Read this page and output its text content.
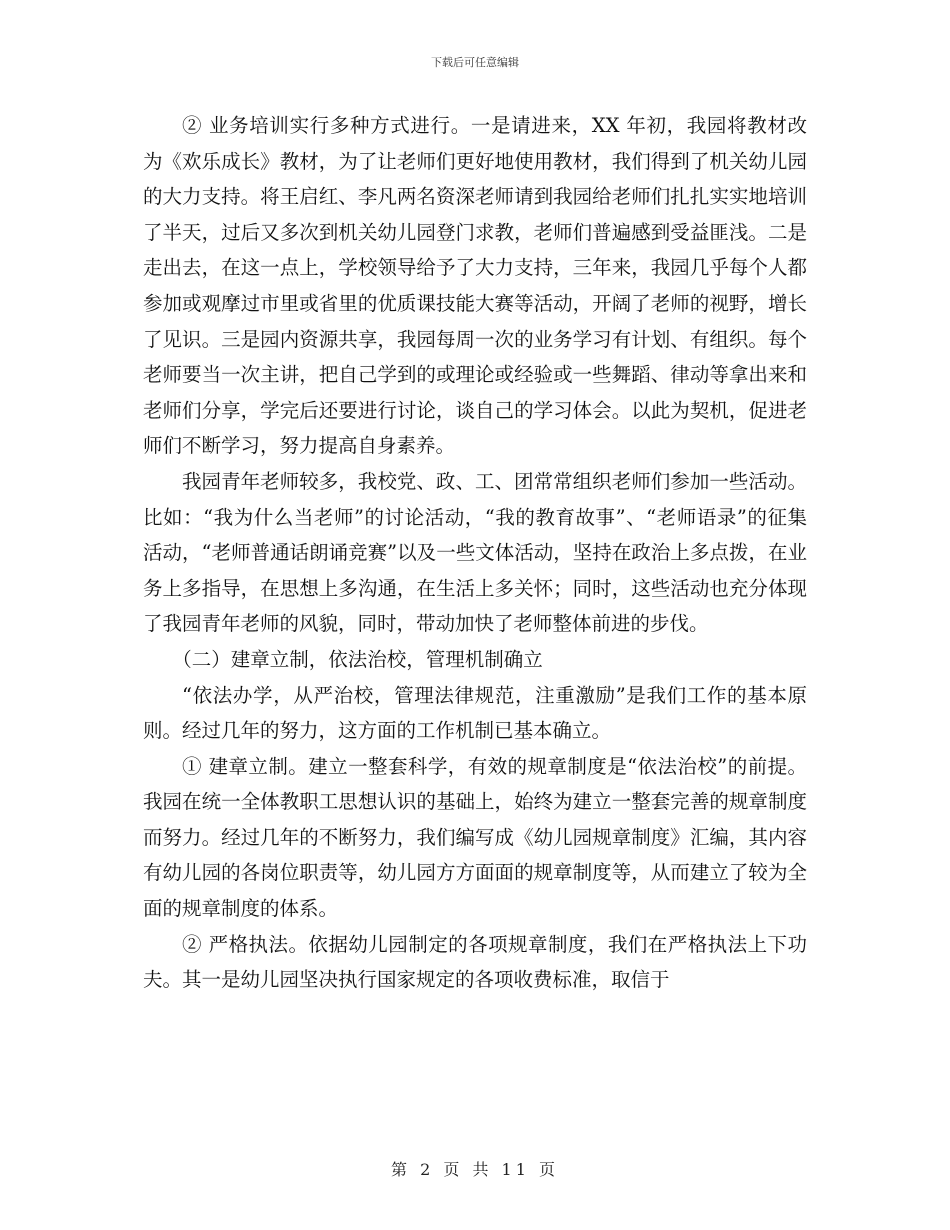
下载后可任意编辑

② 业务培训实行多种方式进行。一是请进来，XX 年初，我园将教材改为《欢乐成长》教材，为了让老师们更好地使用教材，我们得到了机关幼儿园的大力支持。将王启红、李凡两名资深老师请到我园给老师们扎扎实实地培训了半天，过后又多次到机关幼儿园登门求教，老师们普遍感到受益匪浅。二是走出去，在这一点上，学校领导给予了大力支持，三年来，我园几乎每个人都参加或观摩过市里或省里的优质课技能大赛等活动，开阔了老师的视野，增长了见识。三是园内资源共享，我园每周一次的业务学习有计划、有组织。每个老师要当一次主讲，把自己学到的或理论或经验或一些舞蹈、律动等拿出来和老师们分享，学完后还要进行讨论，谈自己的学习体会。以此为契机，促进老师们不断学习，努力提高自身素养。

我园青年老师较多，我校党、政、工、团常常组织老师们参加一些活动。比如：“我为什么当老师”的讨论活动，“我的教育故事”、“老师语录”的征集活动，“老师普通话朗诵竞赛”以及一些文体活动，坚持在政治上多点拨，在业务上多指导，在思想上多沟通，在生活上多关怀；同时，这些活动也充分体现了我园青年老师的风貌，同时，带动加快了老师整体前进的步伐。

（二）建章立制，依法治校，管理机制确立

“依法办学，从严治校，管理法律规范，注重激励”是我们工作的基本原则。经过几年的努力，这方面的工作机制已基本确立。

① 建章立制。建立一整套科学，有效的规章制度是“依法治校”的前提。我园在统一全体教职工思想认识的基础上，始终为建立一整套完善的规章制度而努力。经过几年的不断努力，我们编写成《幼儿园规章制度》汇编，其内容有幼儿园的各岗位职责等，幼儿园方方面面的规章制度等，从而建立了较为全面的规章制度的体系。

② 严格执法。依据幼儿园制定的各项规章制度，我们在严格执法上下功夫。其一是幼儿园坚决执行国家规定的各项收费标准，取信于

第 2 页 共 11 页
